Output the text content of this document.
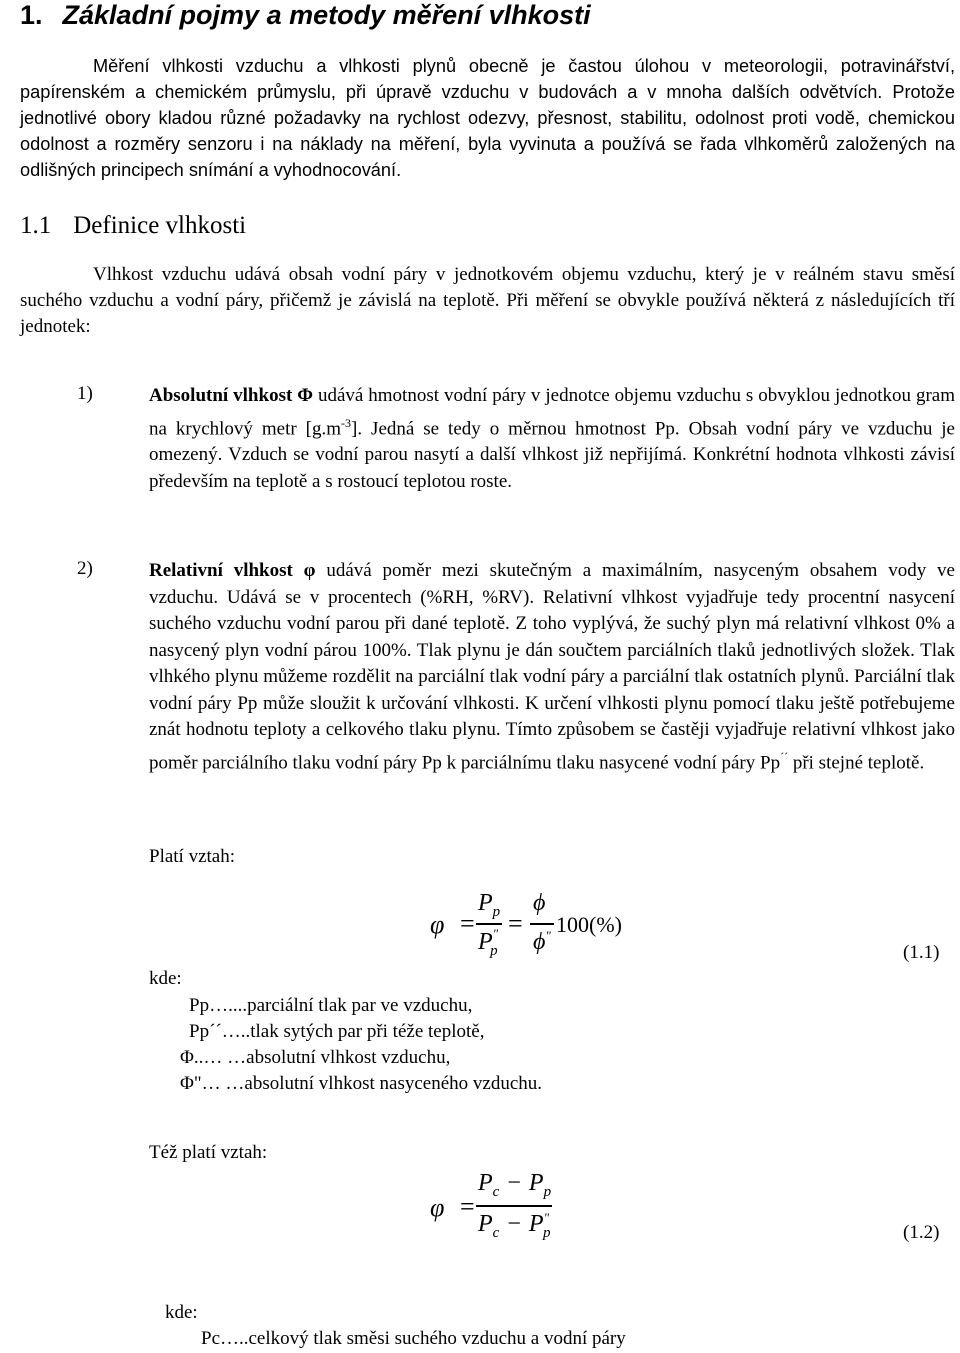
1. Základní pojmy a metody měření vlhkosti
Měření vlhkosti vzduchu a vlhkosti plynů obecně je častou úlohou v meteorologii, potravinářství, papírenském a chemickém průmyslu, při úpravě vzduchu v budovách a v mnoha dalších odvětvích. Protože jednotlivé obory kladou různé požadavky na rychlost odezvy, přesnost, stabilitu, odolnost proti vodě, chemickou odolnost a rozměry senzoru i na náklady na měření, byla vyvinuta a používá se řada vlhkoměrů založených na odlišných principech snímání a vyhodnocování.
1.1 Definice vlhkosti
Vlhkost vzduchu udává obsah vodní páry v jednotkovém objemu vzduchu, který je v reálném stavu směsí suchého vzduchu a vodní páry, přičemž je závislá na teplotě. Při měření se obvykle používá některá z následujících tří jednotek:
1)	Absolutní vlhkost Φ udává hmotnost vodní páry v jednotce objemu vzduchu s obvyklou jednotkou gram na krychlový metr $[g.m^{-3}]$. Jedná se tedy o měrnou hmotnost Pp. Obsah vodní páry ve vzduchu je omezený. Vzduch se vodní parou nasytí a další vlhkost již nepřijímá. Konkrétní hodnota vlhkosti závisí především na teplotě a s rostoucí teplotou roste.
2)	Relativní vlhkost φ udává poměr mezi skutečným a maximálním, nasyceným obsahem vody ve vzduchu. Udává se v procentech (%RH, %RV). Relativní vlhkost vyjadřuje tedy procentní nasycení suchého vzduchu vodní parou při dané teplotě. Z toho vyplývá, že suchý plyn má relativní vlhkost 0% a nasycený plyn vodní párou 100%. Tlak plynu je dán součtem parciálních tlaků jednotlivých složek. Tlak vlhkého plynu můžeme rozdělit na parciální tlak vodní páry a parciální tlak ostatních plynů. Parciální tlak vodní páry Pp může sloužit k určování vlhkosti. K určení vlhkosti plynu pomocí tlaku ještě potřebujeme znát hodnotu teploty a celkového tlaku plynu. Tímto způsobem se častěji vyjadřuje relativní vlhkost jako poměr parciálního tlaku vodní páry Pp k parciálnímu tlaku nasycené vodní páry Pp´´ při stejné teplotě.
Platí vztah:
φ =
$P_p$
$P^"_p$
=
ϕ
ϕ" 100(%)
(1.1)
kde:
Pp…....parciální tlak par ve vzduchu,
Pp´´…..tlak sytých par při téže teplotě,
Φ..… …absolutní vlhkost vzduchu,
Φ"… …absolutní vlhkost nasyceného vzduchu.
Též platí vztah:
φ =
$P_c - P_p$
$P_c - P^"_p$	(1.2)
kde:
Pc…..celkový tlak směsi suchého vzduchu a vodní páry
